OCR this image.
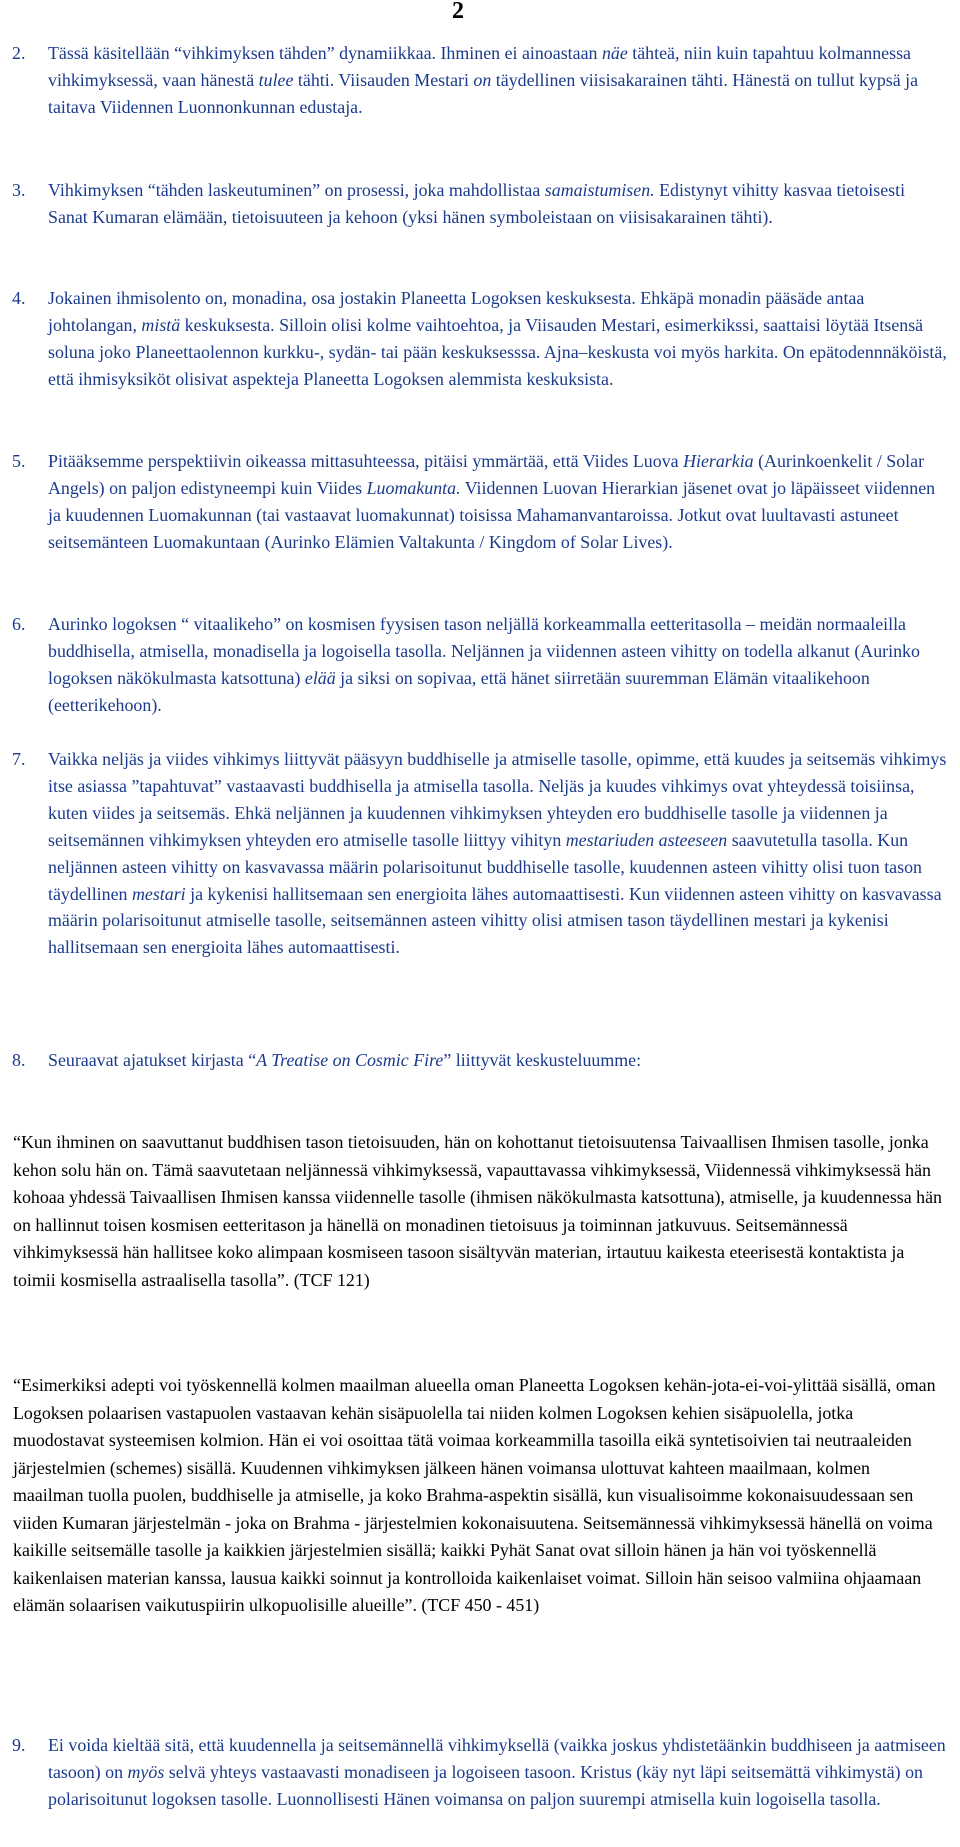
2
2.	Tässä käsitellään “vihkimyksen tähden” dynamiikkaa. Ihminen ei ainoastaan näe tähteä, niin kuin tapahtuu kolmannessa vihkimyksessä, vaan hänestä tulee tähti. Viisauden Mestari on täydellinen viisisakarainen tähti. Hänestä on tullut kypsä ja taitava Viidennen Luonnonkunnan edustaja.
3.	Vihkimyksen “tähden laskeutuminen” on prosessi, joka mahdollistaa samaistumisen. Edistynyt vihitty kasvaa tietoisesti Sanat Kumaran elämään, tietoisuuteen ja kehoon (yksi hänen symboleistaan on viisisakarainen tähti).
4.	Jokainen ihmisolento on, monadina, osa jostakin Planeetta Logoksen keskuksesta. Ehkäpä monadin pääsäde antaa johtolangan, mistä keskuksesta. Silloin olisi kolme vaihtoehtoa, ja Viisauden Mestari, esimerkikssi, saattaisi löytää Itsensä soluna joko Planeettaolennon kurkku-, sydän- tai pään keskuksesssa. Ajna–keskusta voi myös harkita. On epätodennnäköistä, että ihmisyksiköt olisivat aspekteja Planeetta Logoksen alemmista keskuksista.
5.	Pitääksemme perspektiivin oikeassa mittasuhteessa, pitäisi ymmärtää, että Viides Luova Hierarkia (Aurinkoenkelit / Solar Angels) on paljon edistyneempi kuin Viides Luomakunta. Viidennen Luovan Hierarkian jäsenet ovat jo läpäisseet viidennen ja kuudennen Luomakunnan (tai vastaavat luomakunnat) toisissa Mahamanvantaroissa. Jotkut ovat luultavasti astuneet seitsemänteen Luomakuntaan (Aurinko Elämien Valtakunta / Kingdom of Solar Lives).
6.	Aurinko logoksen “ vitaalikeho” on kosmisen fyysisen tason neljällä korkeammalla eetteritasolla – meidän normaaleilla buddhisella, atmisella, monadisella ja logoisella tasolla. Neljännen ja viidennen asteen vihitty on todella alkanut (Aurinko logoksen näkökulmasta katsottuna) elää ja siksi on sopivaa, että hänet siirretään suuremman Elämän vitaalikehoon (eetterikehoon).
7.	Vaikka neljäs ja viides vihkimys liittyvät pääsyyn buddhiselle ja atmiselle tasolle, opimme, että kuudes ja seitsemäs vihkimys itse asiassa ”tapahtuvat” vastaavasti buddhisella ja atmisella tasolla. Neljäs ja kuudes vihkimys ovat yhteydessä toisiinsa, kuten viides ja seitsemäs. Ehkä neljännen ja kuudennen vihkimyksen yhteyden ero buddhiselle tasolle ja viidennen ja seitsemännen vihkimyksen yhteyden ero atmiselle tasolle liittyy vihityn mestariuden asteeseen saavutetulla tasolla. Kun neljännen asteen vihitty on kasvavassa määrin polarisoitunut buddhiselle tasolle, kuudennen asteen vihitty olisi tuon tason täydellinen mestari ja kykenisi hallitsemaan sen energioita lähes automaattisesti. Kun viidennen asteen vihitty on kasvavassa määrin polarisoitunut atmiselle tasolle, seitsemännen asteen vihitty olisi atmisen tason täydellinen mestari ja kykenisi hallitsemaan sen energioita lähes automaattisesti.
8.	Seuraavat ajatukset kirjasta “A Treatise on Cosmic Fire” liittyvät keskusteluumme:
“Kun ihminen on saavuttanut buddhisen tason tietoisuuden, hän on kohottanut tietoisuutensa Taivaallisen Ihmisen tasolle, jonka kehon solu hän on. Tämä saavutetaan neljännessä vihkimyksessä, vapauttavassa vihkimyksessä, Viidennessä vihkimyksessä hän kohoaa yhdessä Taivaallisen Ihmisen kanssa viidennelle tasolle (ihmisen näkökulmasta katsottuna), atmiselle, ja kuudennessa hän on hallinnut toisen kosmisen eetteritason ja hänellä on monadinen tietoisuus ja toiminnan jatkuvuus. Seitsemännessä vihkimyksessä hän hallitsee koko alimpaan kosmiseen tasoon sisältyvän materian, irtautuu kaikesta eteerisestä kontaktista ja toimii kosmisella astraalisella tasolla”. (TCF 121)
“Esimerkiksi adepti voi työskennellä kolmen maailman alueella oman Planeetta Logoksen kehän-jota-ei-voi-ylittää sisällä, oman Logoksen polaarisen vastapuolen vastaavan kehän sisäpuolella tai niiden kolmen Logoksen kehien sisäpuolella, jotka muodostavat systeemisen kolmion. Hän ei voi osoittaa tätä voimaa korkeammilla tasoilla eikä syntetisoivien tai neutraaleiden järjestelmien (schemes) sisällä. Kuudennen vihkimyksen jälkeen hänen voimansa ulottuvat kahteen maailmaan, kolmen maailman tuolla puolen, buddhiselle ja atmiselle, ja koko Brahma-aspektin sisällä, kun visualisoimme kokonaisuudessaan sen viiden Kumaran järjestelmän - joka on Brahma - järjestelmien kokonaisuutena. Seitsemännessä vihkimyksessä hänellä on voima kaikille seitsemälle tasolle ja kaikkien järjestelmien sisällä; kaikki Pyhät Sanat ovat silloin hänen ja hän voi työskennellä kaikenlaisen materian kanssa, lausua kaikki soinnut ja kontrolloida kaikenlaiset voimat. Silloin hän seisoo valmiina ohjaamaan elämän solaarisen vaikutuspiirin ulkopuolisille alueille”. (TCF 450 - 451)
9.	Ei voida kieltää sitä, että kuudennella ja seitsemännellä vihkimyksellä (vaikka joskus yhdistetäänkin buddhiseen ja aatmiseen tasoon) on myös selvä yhteys vastaavasti monadiseen ja logoiseen tasoon. Kristus (käy nyt läpi seitsemättä vihkimystä) on polarisoitunut logoksen tasolle. Luonnollisesti Hänen voimansa on paljon suurempi atmisella kuin logoisella tasolla.
